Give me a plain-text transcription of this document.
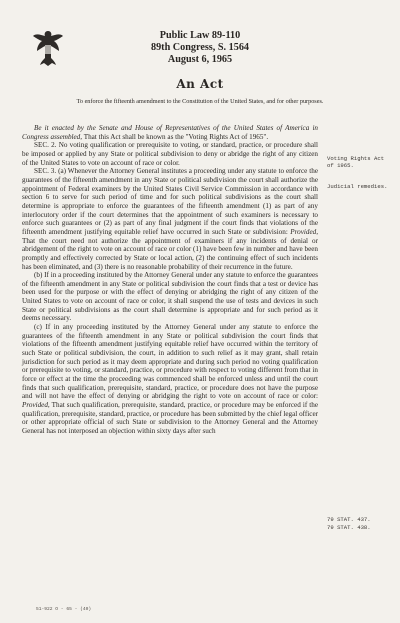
Public Law 89-110
89th Congress, S. 1564
August 6, 1965
An Act
To enforce the fifteenth amendment to the Constitution of the United States, and for other purposes.

Be it enacted by the Senate and House of Representatives of the United States of America in Congress assembled, That this Act shall be known as the "Voting Rights Act of 1965".

SEC. 2. No voting qualification or prerequisite to voting, or standard, practice, or procedure shall be imposed or applied by any State or political subdivision to deny or abridge the right of any citizen of the United States to vote on account of race or color.

SEC. 3. (a) Whenever the Attorney General institutes a proceeding under any statute to enforce the guarantees of the fifteenth amendment in any State or political subdivision the court shall authorize the appointment of Federal examiners by the United States Civil Service Commission in accordance with section 6 to serve for such period of time and for such political subdivisions as the court shall determine is appropriate to enforce the guarantees of the fifteenth amendment (1) as part of any interlocutory order if the court determines that the appointment of such examiners is necessary to enforce such guarantees or (2) as part of any final judgment if the court finds that violations of the fifteenth amendment justifying equitable relief have occurred in such State or subdivision: Provided, That the court need not authorize the appointment of examiners if any incidents of denial or abridgement of the right to vote on account of race or color (1) have been few in number and have been promptly and effectively corrected by State or local action, (2) the continuing effect of such incidents has been eliminated, and (3) there is no reasonable probability of their recurrence in the future.

(b) If in a proceeding instituted by the Attorney General under any statute to enforce the guarantees of the fifteenth amendment in any State or political subdivision the court finds that a test or device has been used for the purpose or with the effect of denying or abridging the right of any citizen of the United States to vote on account of race or color, it shall suspend the use of tests and devices in such State or political subdivisions as the court shall determine is appropriate and for such period as it deems necessary.

(c) If in any proceeding instituted by the Attorney General under any statute to enforce the guarantees of the fifteenth amendment in any State or political subdivision the court finds that violations of the fifteenth amendment justifying equitable relief have occurred within the territory of such State or political subdivision, the court, in addition to such relief as it may grant, shall retain jurisdiction for such period as it may deem appropriate and during such period no voting qualification or prerequisite to voting, or standard, practice, or procedure with respect to voting different from that in force or effect at the time the proceeding was commenced shall be enforced unless and until the court finds that such qualification, prerequisite, standard, practice, or procedure does not have the purpose and will not have the effect of denying or abridging the right to vote on account of race or color: Provided, That such qualification, prerequisite, standard, practice, or procedure may be enforced if the qualification, prerequisite, standard, practice, or procedure has been submitted by the chief legal officer or other appropriate official of such State or subdivision to the Attorney General and the Attorney General has not interposed an objection within sixty days after such

Voting Rights Act of 1965.
Judicial remedies.
79 STAT. 437.
79 STAT. 438.
51-922 O - 65 - (40)
